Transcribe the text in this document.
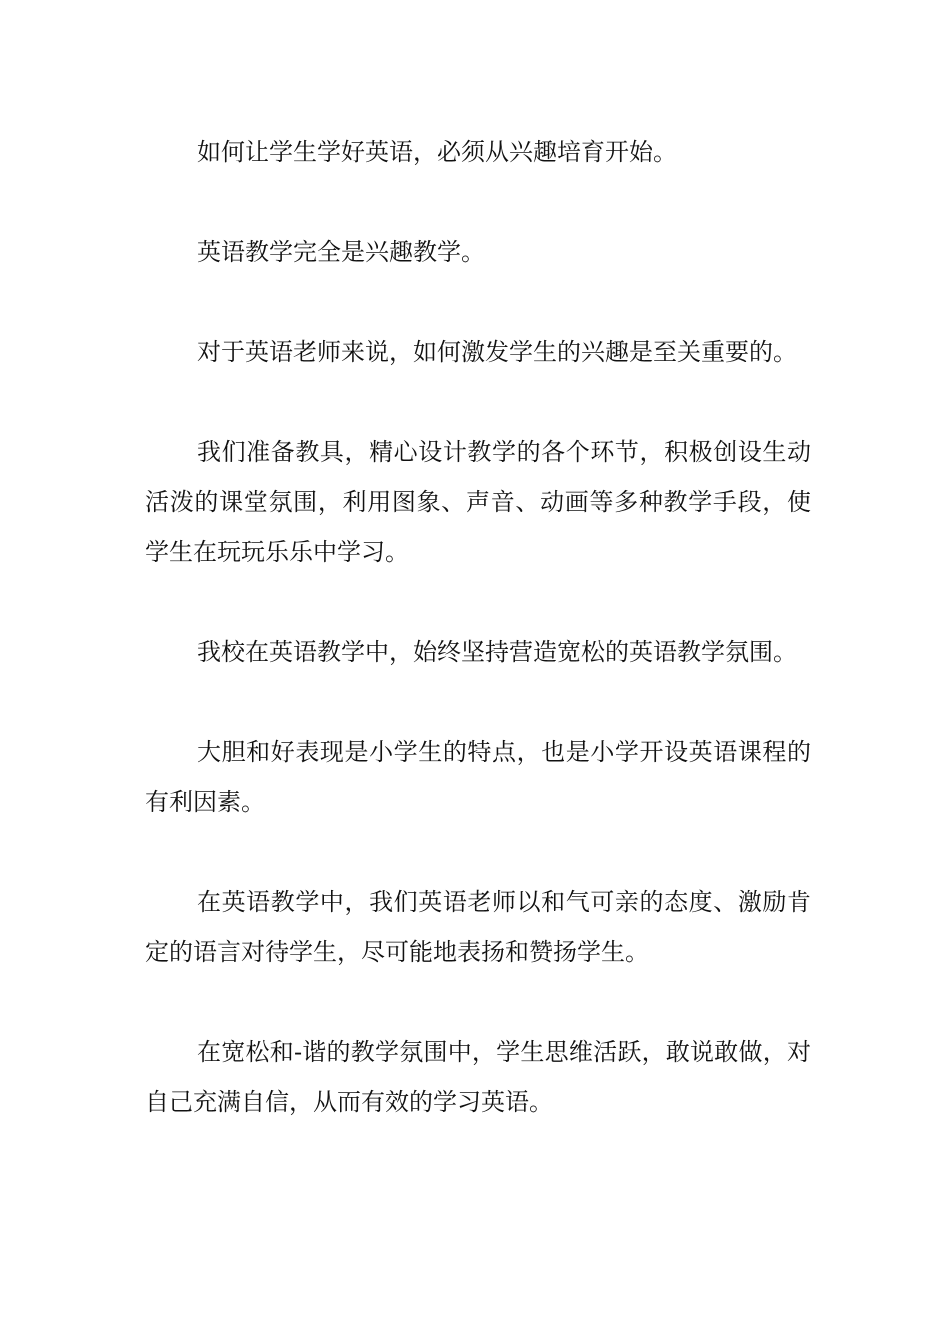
如何让学生学好英语，必须从兴趣培育开始。

英语教学完全是兴趣教学。

对于英语老师来说，如何激发学生的兴趣是至关重要的。

我们准备教具，精心设计教学的各个环节，积极创设生动活泼的课堂氛围，利用图象、声音、动画等多种教学手段，使学生在玩玩乐乐中学习。

我校在英语教学中，始终坚持营造宽松的英语教学氛围。

大胆和好表现是小学生的特点，也是小学开设英语课程的有利因素。

在英语教学中，我们英语老师以和气可亲的态度、激励肯定的语言对待学生，尽可能地表扬和赞扬学生。

在宽松和-谐的教学氛围中，学生思维活跃，敢说敢做，对自己充满自信，从而有效的学习英语。
